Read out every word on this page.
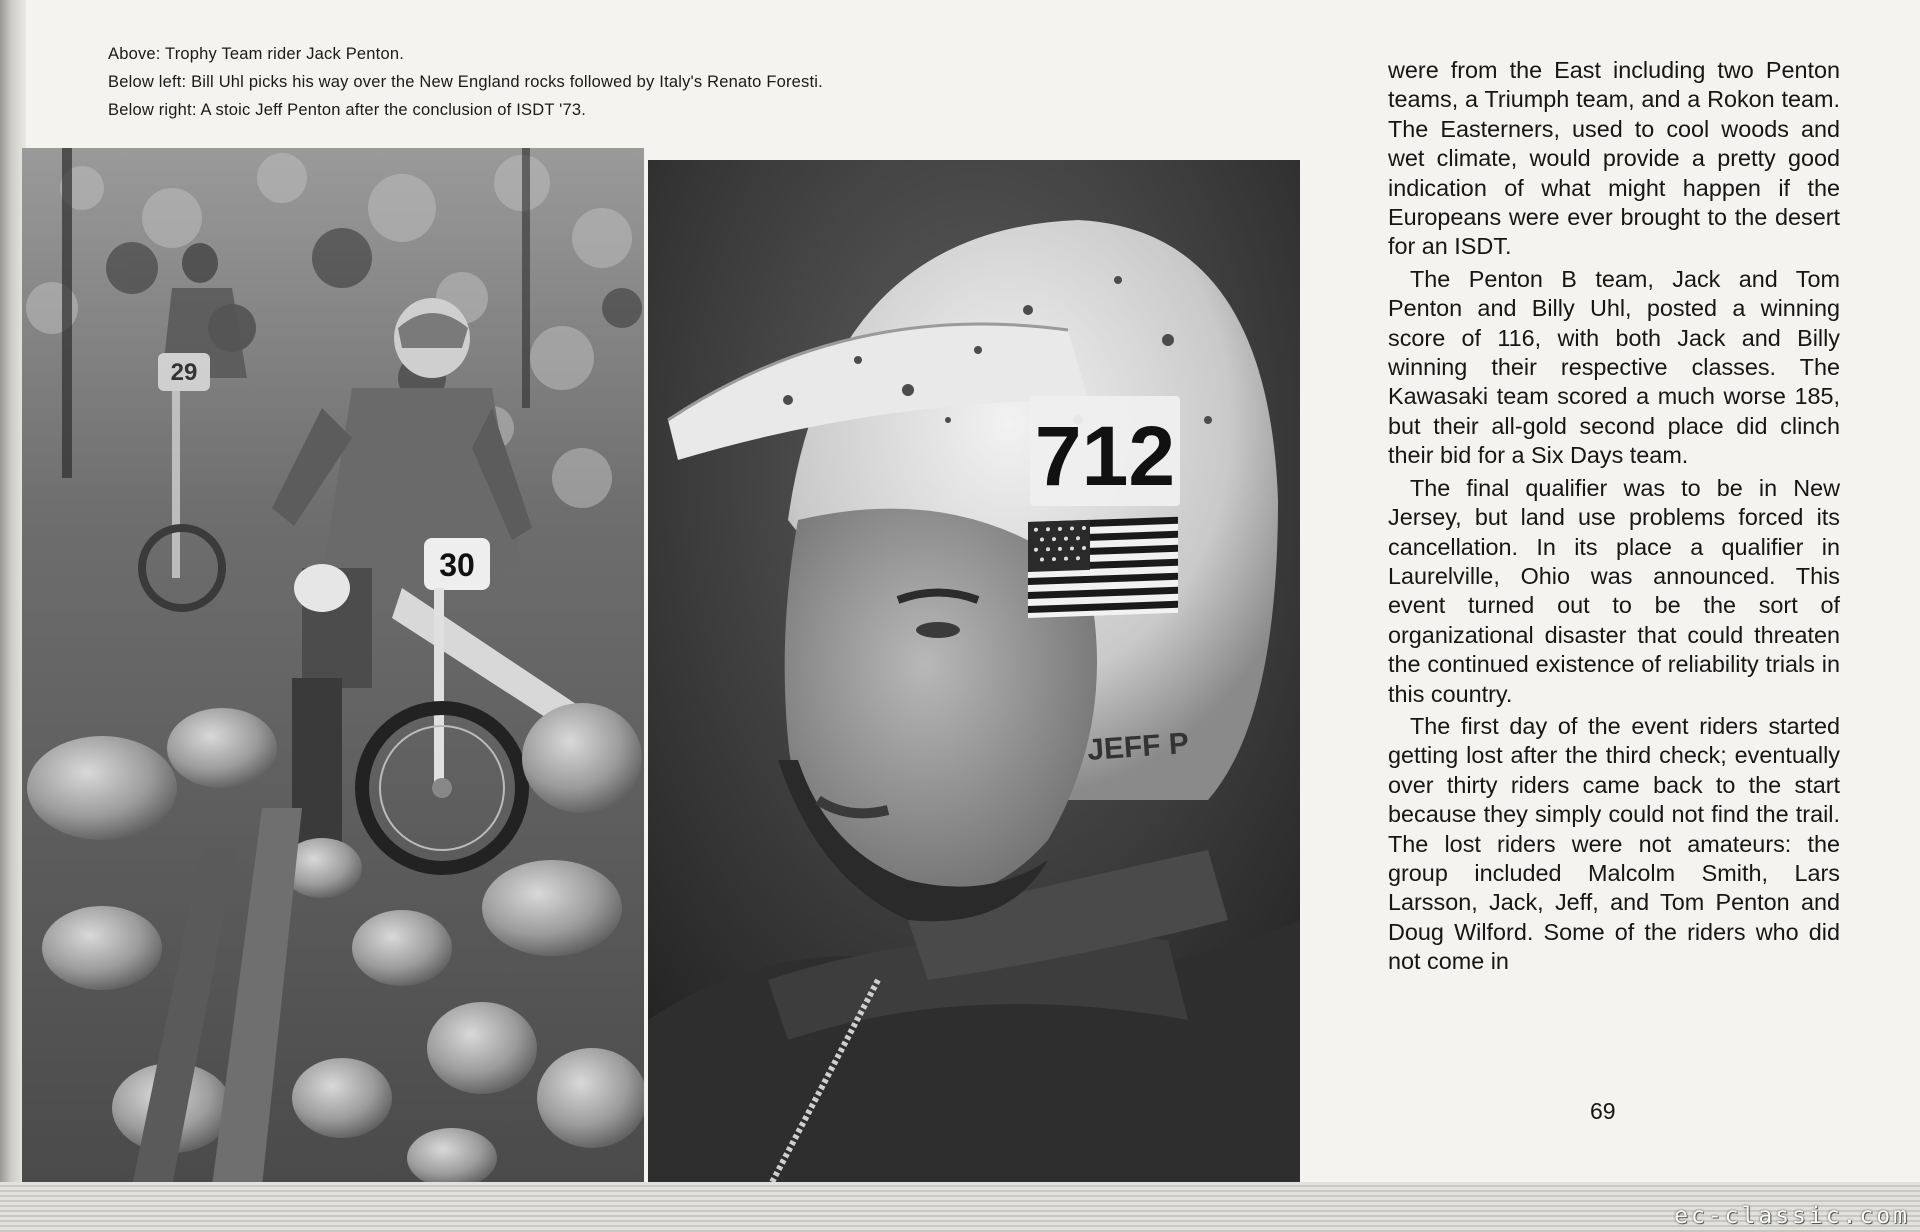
Above: Trophy Team rider Jack Penton.
Below left: Bill Uhl picks his way over the New England rocks followed by Italy's Renato Foresti.
Below right: A stoic Jeff Penton after the conclusion of ISDT '73.
29
30
712
JEFF P

were from the East including two Penton teams, a Triumph team, and a Rokon team. The Easterners, used to cool woods and wet climate, would provide a pretty good indication of what might happen if the Europeans were ever brought to the desert for an ISDT.

The Penton B team, Jack and Tom Penton and Billy Uhl, posted a winning score of 116, with both Jack and Billy winning their respective classes. The Kawasaki team scored a much worse 185, but their all-gold second place did clinch their bid for a Six Days team.

The final qualifier was to be in New Jersey, but land use problems forced its cancellation. In its place a qualifier in Laurelville, Ohio was announced. This event turned out to be the sort of organizational disaster that could threaten the continued existence of reliability trials in this country.

The first day of the event riders started getting lost after the third check; eventually over thirty riders came back to the start because they simply could not find the trail. The lost riders were not amateurs: the group included Malcolm Smith, Lars Larsson, Jack, Jeff, and Tom Penton and Doug Wilford. Some of the riders who did not come in

69
ec-classic.com
